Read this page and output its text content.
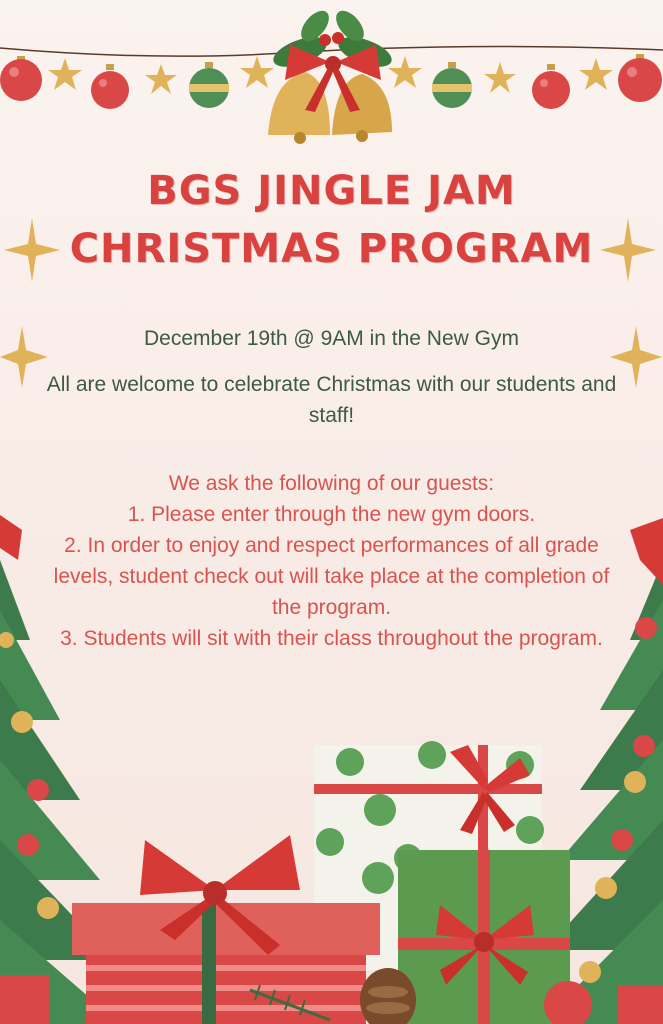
BGS JINGLE JAM
CHRISTMAS PROGRAM

December 19th @ 9AM in the New Gym

All are welcome to celebrate Christmas with our students and staff!

We ask the following of our guests:
1. Please enter through the new gym doors.
2. In order to enjoy and respect performances of all grade levels, student check out will take place at the completion of the program.
3. Students will sit with their class throughout the program.
